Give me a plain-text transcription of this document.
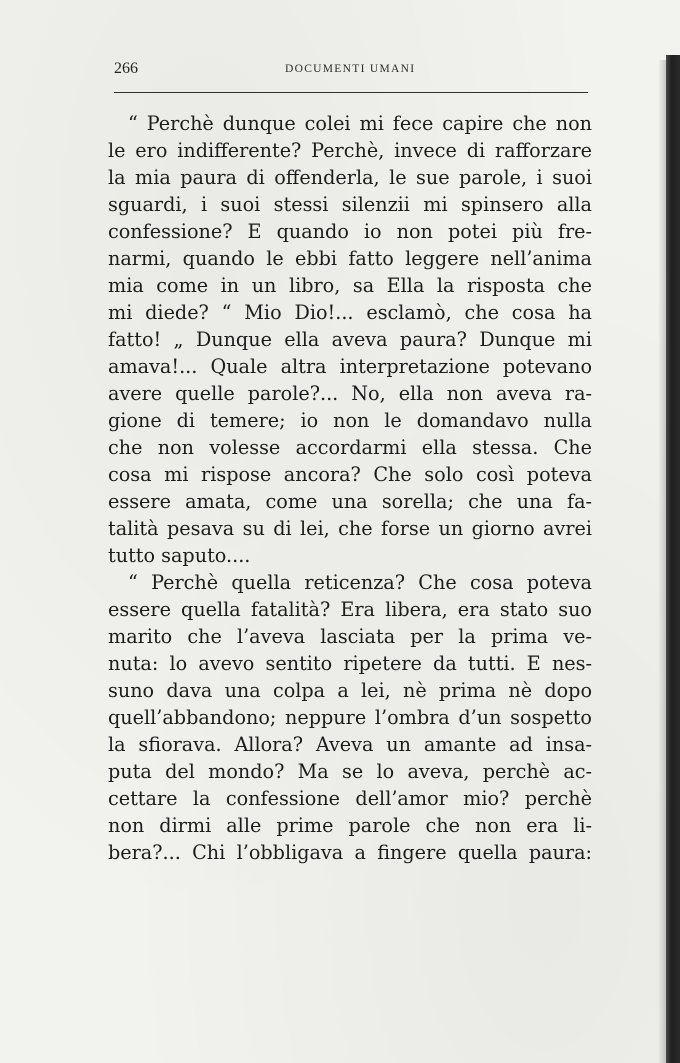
266	DOCUMENTI UMANI
“ Perchè dunque colei mi fece capire che non
le ero indifferente? Perchè, invece di rafforzare
la mia paura di offenderla, le sue parole, i suoi
sguardi, i suoi stessi silenzii mi spinsero alla
confessione? E quando io non potei più fre-
narmi, quando le ebbi fatto leggere nell’anima
mia come in un libro, sa Ella la risposta che
mi diede? “ Mio Dio!... esclamò, che cosa ha
fatto! „ Dunque ella aveva paura? Dunque mi
amava!... Quale altra interpretazione potevano
avere quelle parole?... No, ella non aveva ra-
gione di temere; io non le domandavo nulla
che non volesse accordarmi ella stessa. Che
cosa mi rispose ancora? Che solo così poteva
essere amata, come una sorella; che una fa-
talità pesava su di lei, che forse un giorno avrei
tutto saputo....
“ Perchè quella reticenza? Che cosa poteva
essere quella fatalità? Era libera, era stato suo
marito che l’aveva lasciata per la prima ve-
nuta: lo avevo sentito ripetere da tutti. E nes-
suno dava una colpa a lei, nè prima nè dopo
quell’abbandono; neppure l’ombra d’un sospetto
la sfiorava. Allora? Aveva un amante ad insa-
puta del mondo? Ma se lo aveva, perchè ac-
cettare la confessione dell’amor mio? perchè
non dirmi alle prime parole che non era li-
bera?... Chi l’obbligava a fingere quella paura:
